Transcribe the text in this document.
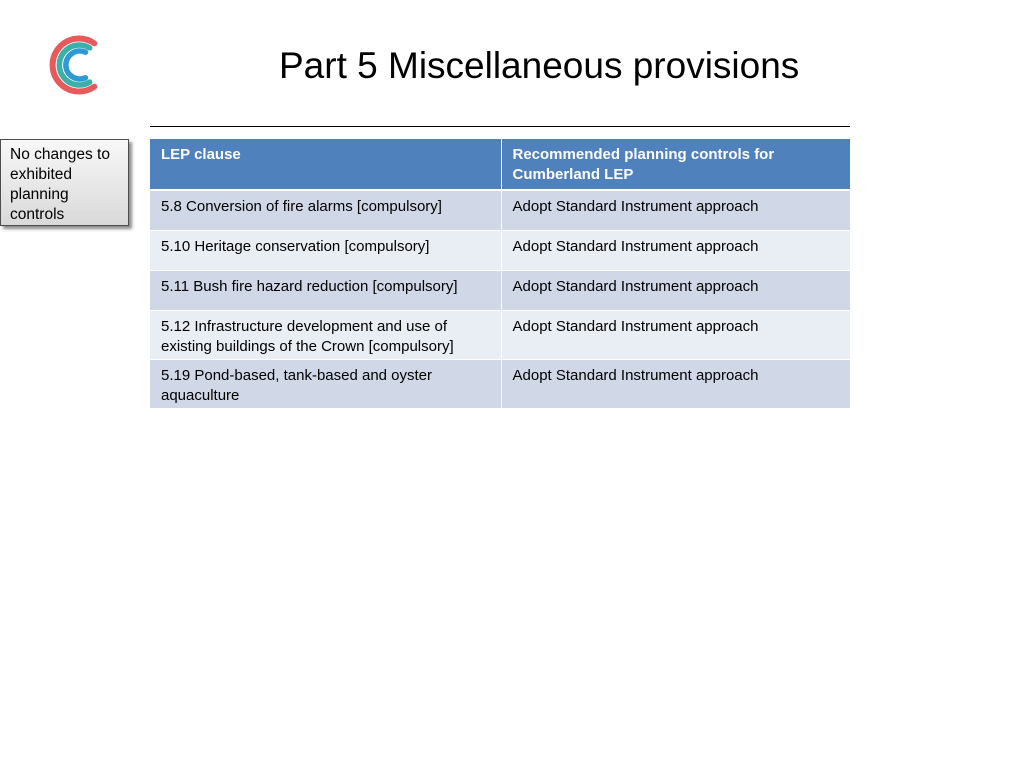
Part 5 Miscellaneous provisions
No changes to exhibited planning controls
LEP clause	Recommended planning controls for Cumberland LEP
5.8 Conversion of fire alarms [compulsory]	Adopt Standard Instrument approach
5.10 Heritage conservation [compulsory]	Adopt Standard Instrument approach
5.11 Bush fire hazard reduction [compulsory]	Adopt Standard Instrument approach
5.12 Infrastructure development and use of existing buildings of the Crown [compulsory]	Adopt Standard Instrument approach
5.19 Pond-based, tank-based and oyster aquaculture	Adopt Standard Instrument approach
